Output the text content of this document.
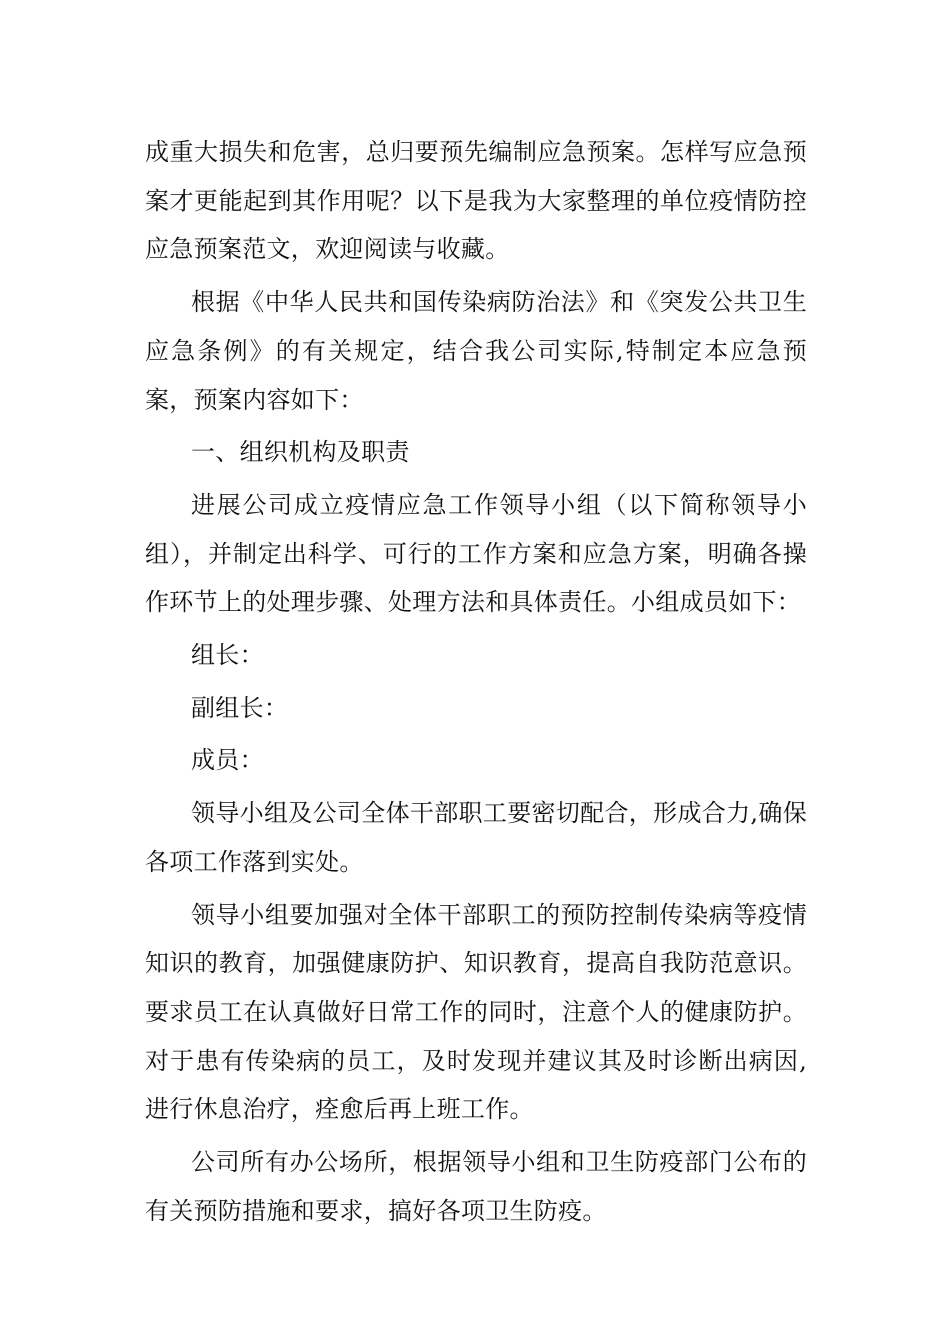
成重大损失和危害，总归要预先编制应急预案。怎样写应急预案才更能起到其作用呢？以下是我为大家整理的单位疫情防控应急预案范文，欢迎阅读与收藏。

根据《中华人民共和国传染病防治法》和《突发公共卫生应急条例》的有关规定，结合我公司实际,特制定本应急预案，预案内容如下：

一、组织机构及职责

进展公司成立疫情应急工作领导小组（以下简称领导小组），并制定出科学、可行的工作方案和应急方案，明确各操作环节上的处理步骤、处理方法和具体责任。小组成员如下：

组长：

副组长：

成员：

领导小组及公司全体干部职工要密切配合，形成合力,确保各项工作落到实处。

领导小组要加强对全体干部职工的预防控制传染病等疫情知识的教育，加强健康防护、知识教育，提高自我防范意识。要求员工在认真做好日常工作的同时，注意个人的健康防护。对于患有传染病的员工，及时发现并建议其及时诊断出病因,进行休息治疗，痊愈后再上班工作。

公司所有办公场所，根据领导小组和卫生防疫部门公布的有关预防措施和要求，搞好各项卫生防疫。
